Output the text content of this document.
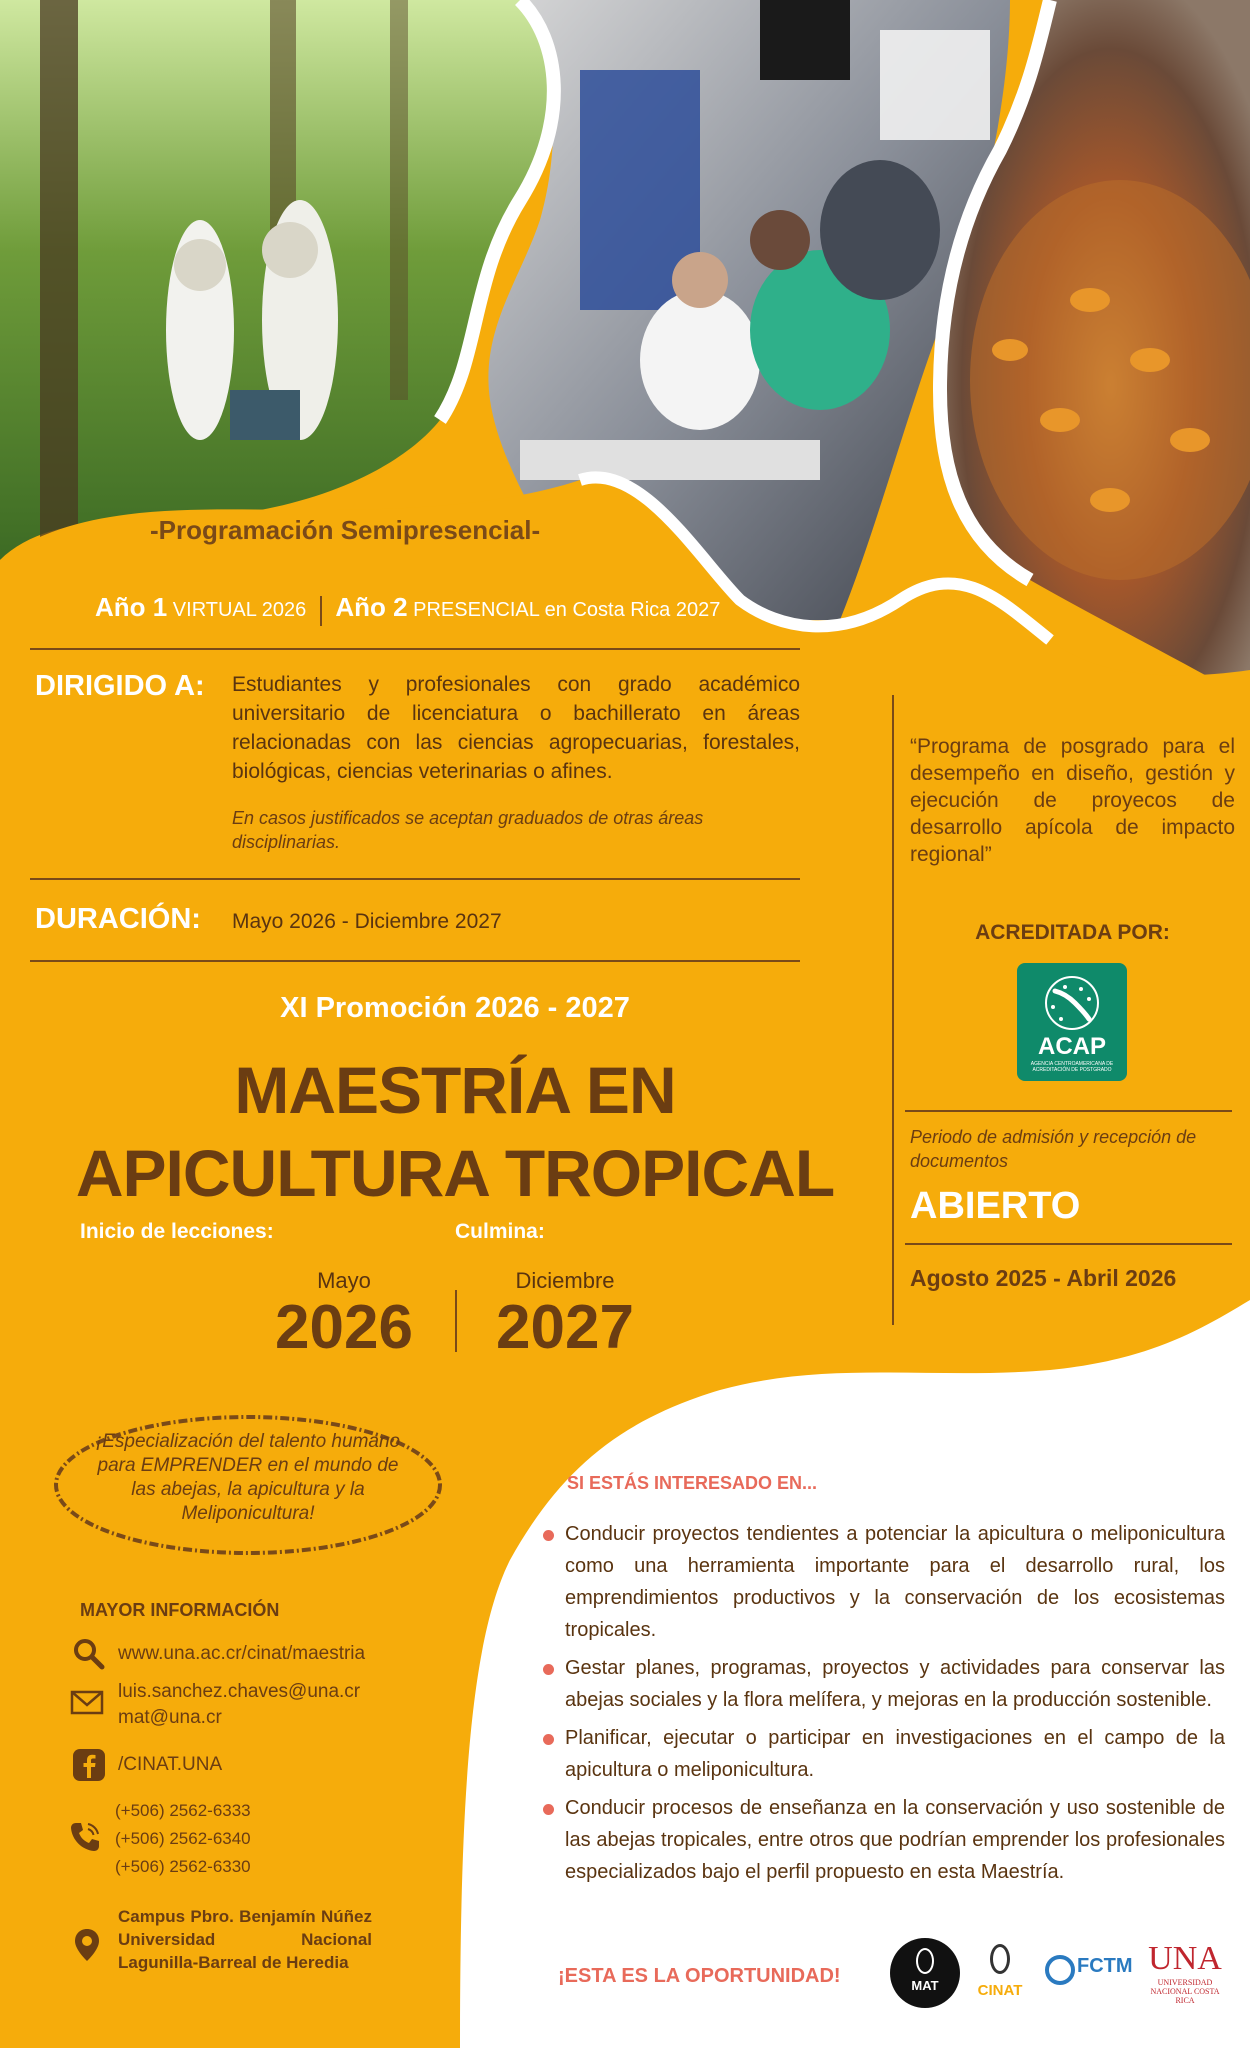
-Programación Semipresencial-
Año 1 VIRTUAL 2026 Año 2 PRESENCIAL en Costa Rica 2027
DIRIGIDO A: Estudiantes y profesionales con grado académico universitario de licenciatura o bachillerato en áreas relacionadas con las ciencias agropecuarias, forestales, biológicas, ciencias veterinarias o afines.
En casos justificados se aceptan graduados de otras áreas disciplinarias.
DURACIÓN: Mayo 2026 - Diciembre 2027
XI Promoción 2026 - 2027
MAESTRÍA EN
APICULTURA TROPICAL
Inicio de lecciones:	Culmina:
Mayo
2026
Diciembre
2027
“Programa de posgrado para el desempeño en diseño, gestión y ejecución de proyecos de desarrollo apícola de impacto regional”
ACREDITADA POR:
ACAP
AGENCIA CENTROAMERICANA DE ACREDITACIÓN DE POSTGRADO
Periodo de admisión y recepción de documentos
ABIERTO
Agosto 2025 - Abril 2026
¡Especialización del talento humano para EMPRENDER en el mundo de las abejas, la apicultura y la Meliponicultura!
MAYOR INFORMACIÓN
www.una.ac.cr/cinat/maestria
luis.sanchez.chaves@una.cr
mat@una.cr
/CINAT.UNA
(+506) 2562-6333
(+506) 2562-6340
(+506) 2562-6330
Campus Pbro. Benjamín Núñez Universidad Nacional Lagunilla-Barreal de Heredia
SI ESTÁS INTERESADO EN...
Conducir proyectos tendientes a potenciar la apicultura o meliponicultura como una herramienta importante para el desarrollo rural, los emprendimientos productivos y la conservación de los ecosistemas tropicales.
Gestar planes, programas, proyectos y actividades para conservar las abejas sociales y la flora melífera, y mejoras en la producción sostenible.
Planificar, ejecutar o participar en investigaciones en el campo de la apicultura o meliponicultura.
Conducir procesos de enseñanza en la conservación y uso sostenible de las abejas tropicales, entre otros que podrían emprender los profesionales especializados bajo el perfil propuesto en esta Maestría.
¡ESTA ES LA OPORTUNIDAD!	MAT	CINAT
FCTM UNA
UNIVERSIDAD NACIONAL COSTA RICA
